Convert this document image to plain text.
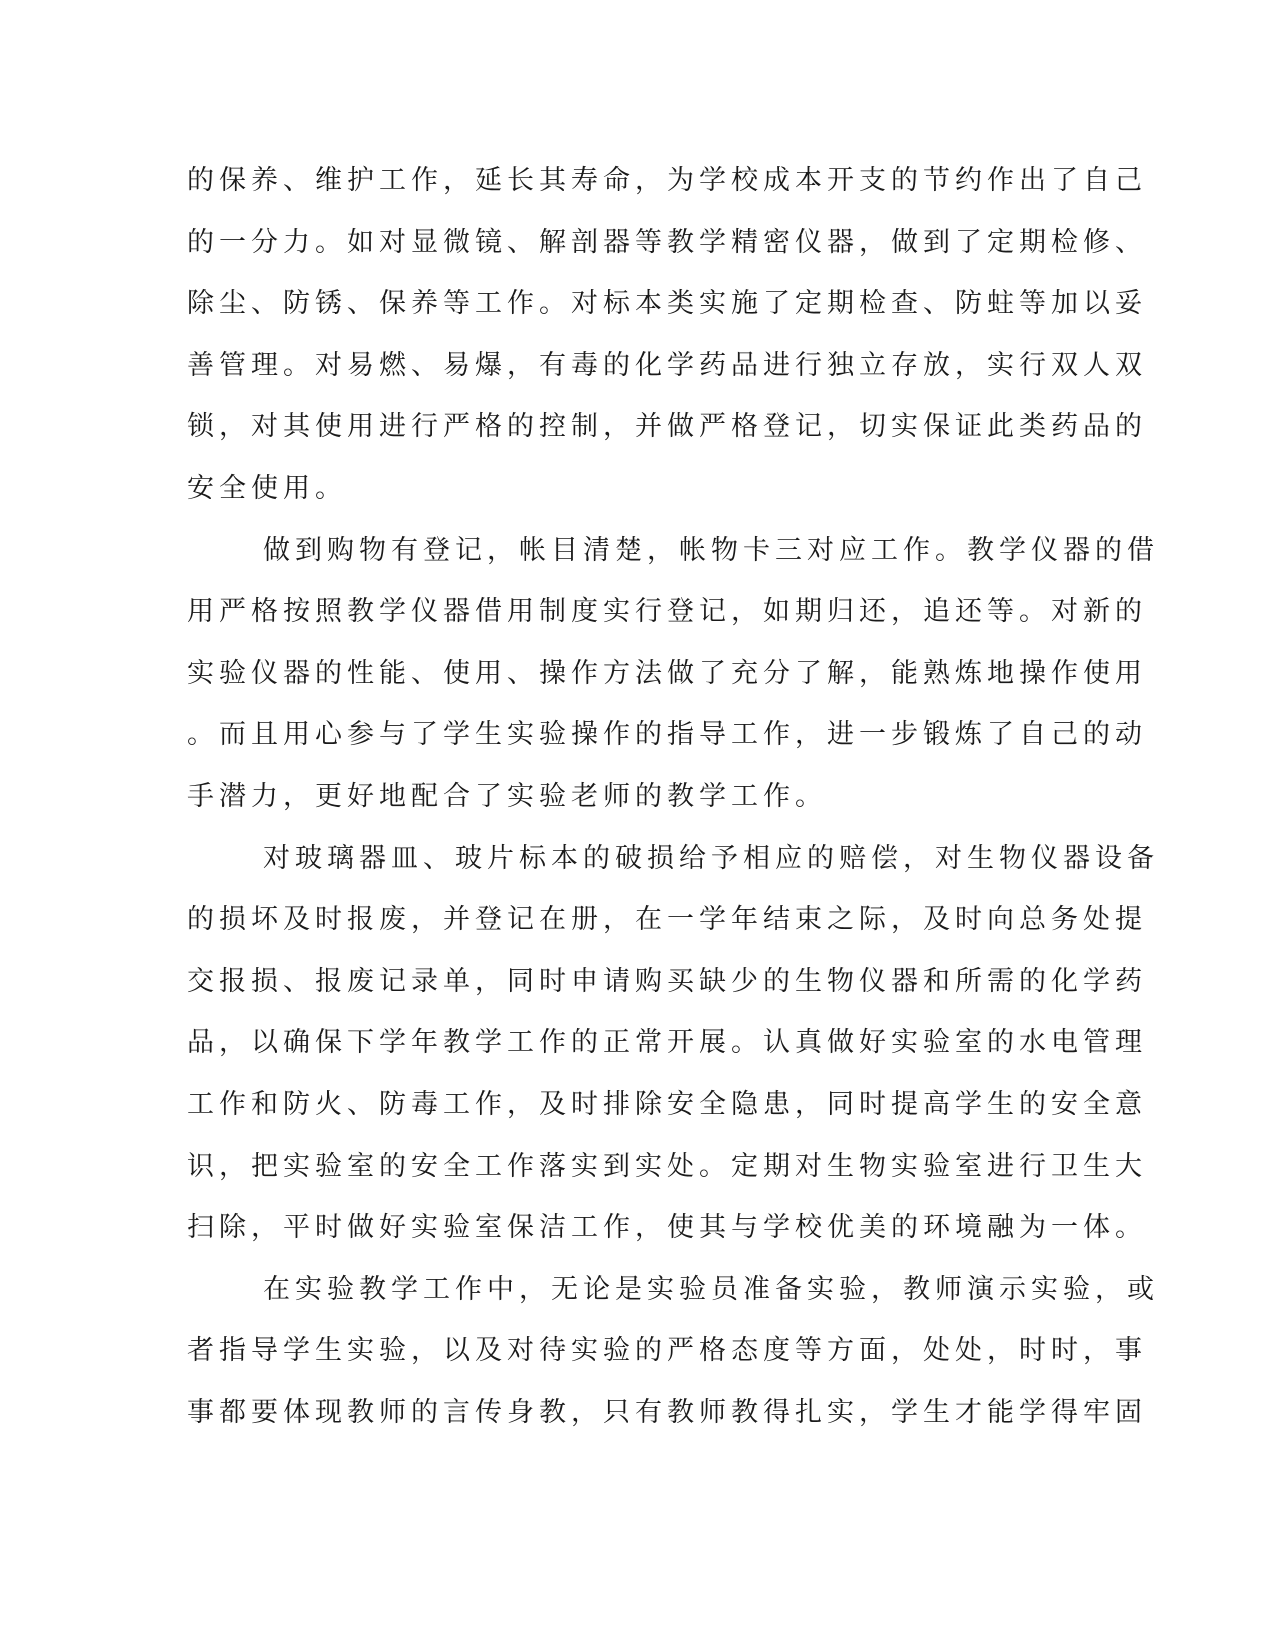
的保养、维护工作，延长其寿命，为学校成本开支的节约作出了自己
的一分力。如对显微镜、解剖器等教学精密仪器，做到了定期检修、
除尘、防锈、保养等工作。对标本类实施了定期检查、防蛀等加以妥
善管理。对易燃、易爆，有毒的化学药品进行独立存放，实行双人双
锁，对其使用进行严格的控制，并做严格登记，切实保证此类药品的
安全使用。
做到购物有登记，帐目清楚，帐物卡三对应工作。教学仪器的借
用严格按照教学仪器借用制度实行登记，如期归还，追还等。对新的
实验仪器的性能、使用、操作方法做了充分了解，能熟炼地操作使用
。而且用心参与了学生实验操作的指导工作，进一步锻炼了自己的动
手潜力，更好地配合了实验老师的教学工作。
对玻璃器皿、玻片标本的破损给予相应的赔偿，对生物仪器设备
的损坏及时报废，并登记在册，在一学年结束之际，及时向总务处提
交报损、报废记录单，同时申请购买缺少的生物仪器和所需的化学药
品，以确保下学年教学工作的正常开展。认真做好实验室的水电管理
工作和防火、防毒工作，及时排除安全隐患，同时提高学生的安全意
识，把实验室的安全工作落实到实处。定期对生物实验室进行卫生大
扫除，平时做好实验室保洁工作，使其与学校优美的环境融为一体。
在实验教学工作中，无论是实验员准备实验，教师演示实验，或
者指导学生实验，以及对待实验的严格态度等方面，处处，时时，事
事都要体现教师的言传身教，只有教师教得扎实，学生才能学得牢固
